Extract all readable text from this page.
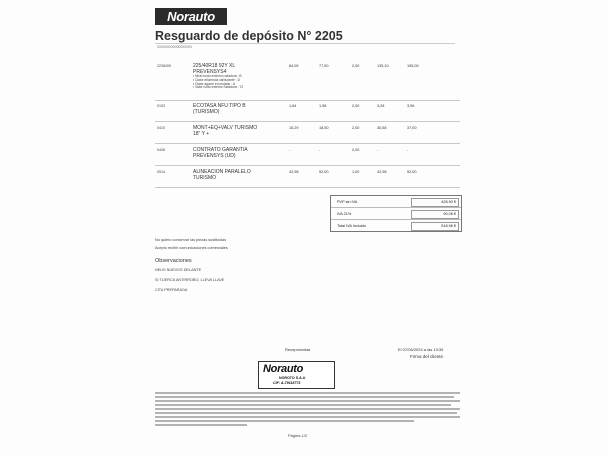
Norauto
Resguardo de depósito N° 2205
000000000000000000
2238405	225/40R18 92Y XL
PREVENSYS4
• Nivel ruido externo rodadura : B
• Clase eficiencia carburante : D
• Clase agarre en mojado : A
• Valor ruido exterior rodadura : 72
84,05	77,50	2,00	135,10	155,00
0103	ECOTASA NFU TIPO B
(TURISMO)
1,64	1,98	2,00	3,28	3,96
0410	MONT+EQ+VALV TURISMO
18" Y +
15,29	18,50	2,00	30,58	37,00
0406	CONTRATO GARANTIA
PREVENSYS (UD)
-	-	2,00	-	-
0514	ALINEACION PARALELO
TURISMO
42,98	52,00	1,00	42,98	52,00
PVP sin IVA	428,90 €
IVA 21%	90,06 €
Total IVA Incluido	518,96 €
No quiero conservar las piezas sustituidas
Acepto recibir comunicaciones comerciales
Observaciones
NEUS NUEVOS DELANTE
SI TUERCA ANTIRROBO, LLEVA LLAVE
CITA PREPARADA
Recepcionista
Norauto
NOROTO S.A.U
CIF: A-79118773
El 07/06/2024 a las 13:39
Firma del cliente
Página 1/2
